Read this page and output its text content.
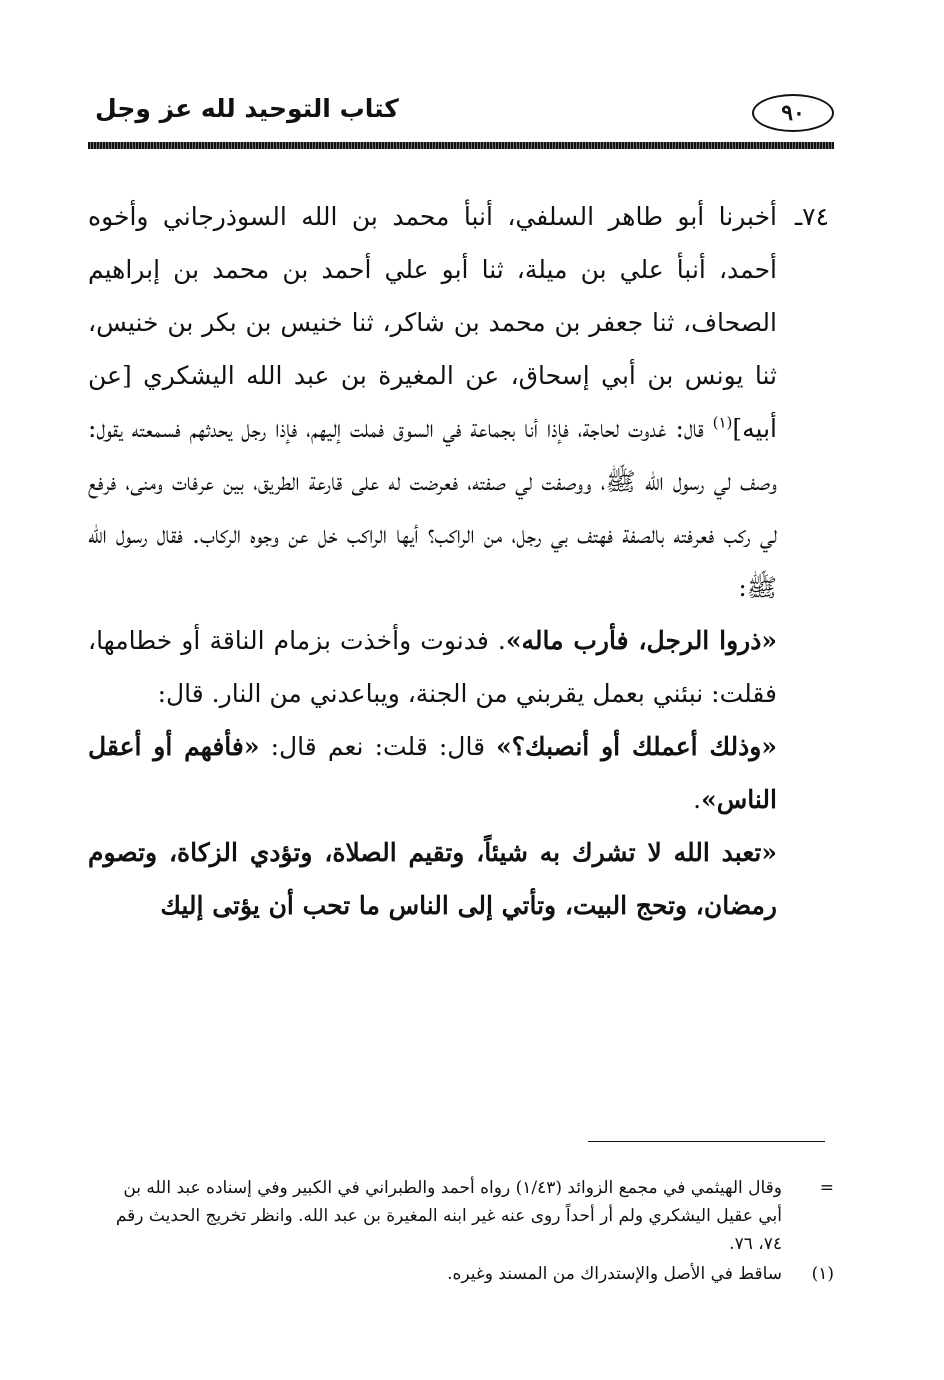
٩٠
كتاب التوحيد لله عز وجل

٧٤ـأخبرنا أبو طاهر السلفي، أنبأ محمد بن الله السوذرجاني وأخوه أحمد، أنبأ علي بن ميلة، ثنا أبو علي أحمد بن محمد بن إبراهيم الصحاف، ثنا جعفر بن محمد بن شاكر، ثنا خنيس بن بكر بن خنيس، ثنا يونس بن أبي إسحاق، عن المغيرة بن عبد الله اليشكري [عن أبيه]$^{(١)}$ قال: غدوت لحاجة، فإذا أنا بجماعة في السوق فملت إليهم، فإذا رجل يحدثهم فسمعته يقول: وصف لي رسول الله ﷺ، ووصفت لي صفته، فعرضت له على قارعة الطريق، بين عرفات ومنى، فرفع لي ركب فعرفته بالصفة فهتف بي رجل، من الراكب؟ أيها الراكب خل عن وجوه الركاب. فقال رسول الله ﷺ:

«ذروا الرجل، فأرب ماله». فدنوت وأخذت بزمام الناقة أو خطامها، فقلت: نبئني بعمل يقربني من الجنة، ويباعدني من النار. قال:

«وذلك أعملك أو أنصبك؟» قال: قلت: نعم قال: «فأفهم أو أعقل الناس».

«تعبد الله لا تشرك به شيئاً، وتقيم الصلاة، وتؤدي الزكاة، وتصوم رمضان، وتحج البيت، وتأتي إلى الناس ما تحب أن يؤتى إليك

=
وقال الهيثمي في مجمع الزوائد (١/٤٣) رواه أحمد والطبراني في الكبير وفي إسناده عبد الله بن أبي عقيل اليشكري ولم أر أحداً روى عنه غير ابنه المغيرة بن عبد الله. وانظر تخريج الحديث رقم ٧٤، ٧٦.
(١)
ساقط في الأصل والإستدراك من المسند وغيره.
